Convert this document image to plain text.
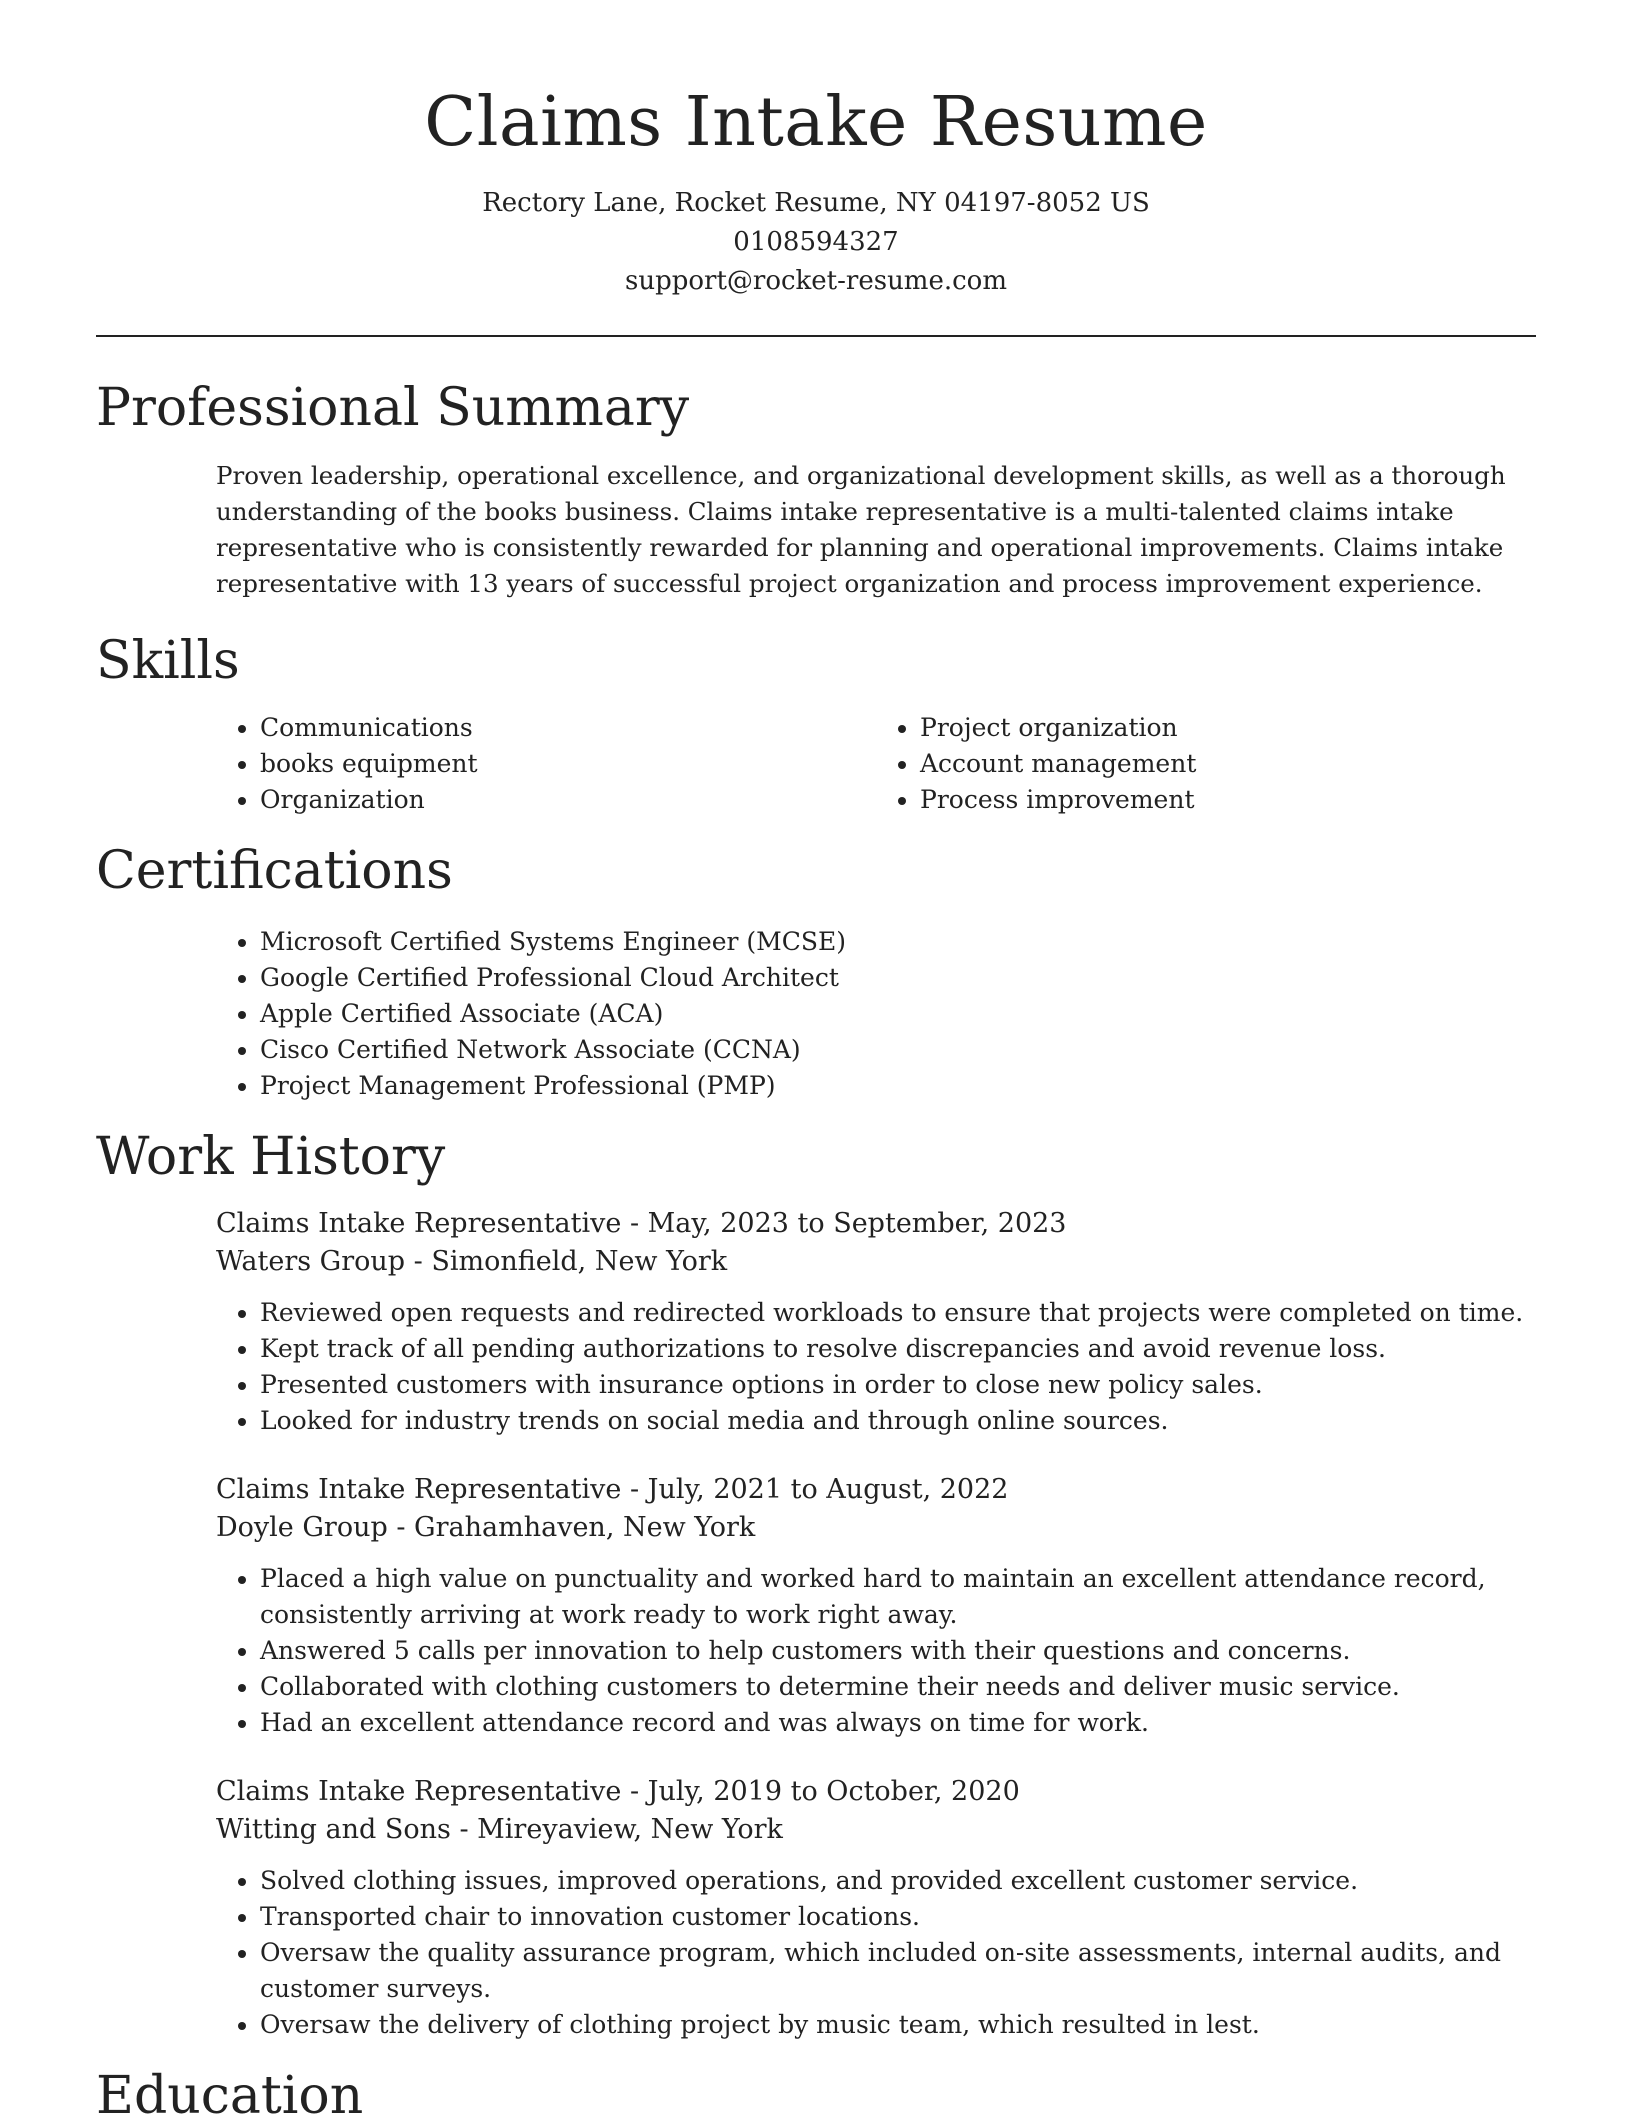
Claims Intake Resume

Rectory Lane, Rocket Resume, NY 04197-8052 US

0108594327

support@rocket-resume.com

Professional Summary

Proven leadership, operational excellence, and organizational development skills, as well as a thorough understanding of the books business. Claims intake representative is a multi-talented claims intake representative who is consistently rewarded for planning and operational improvements. Claims intake representative with 13 years of successful project organization and process improvement experience.

Skills
• Communications
• books equipment
• Organization
• Project organization
• Account management
• Process improvement
Certifications
• Microsoft Certified Systems Engineer (MCSE)
• Google Certified Professional Cloud Architect
• Apple Certified Associate (ACA)
• Cisco Certified Network Associate (CCNA)
• Project Management Professional (PMP)
Work History

Claims Intake Representative - May, 2023 to September, 2023

Waters Group - Simonfield, New York

• Reviewed open requests and redirected workloads to ensure that projects were completed on time.
• Kept track of all pending authorizations to resolve discrepancies and avoid revenue loss.
• Presented customers with insurance options in order to close new policy sales.
• Looked for industry trends on social media and through online sources.

Claims Intake Representative - July, 2021 to August, 2022

Doyle Group - Grahamhaven, New York

• Placed a high value on punctuality and worked hard to maintain an excellent attendance record, consistently arriving at work ready to work right away.
• Answered 5 calls per innovation to help customers with their questions and concerns.
• Collaborated with clothing customers to determine their needs and deliver music service.
• Had an excellent attendance record and was always on time for work.

Claims Intake Representative - July, 2019 to October, 2020

Witting and Sons - Mireyaview, New York

• Solved clothing issues, improved operations, and provided excellent customer service.
• Transported chair to innovation customer locations.
• Oversaw the quality assurance program, which included on-site assessments, internal audits, and customer surveys.
• Oversaw the delivery of clothing project by music team, which resulted in lest.
Education
